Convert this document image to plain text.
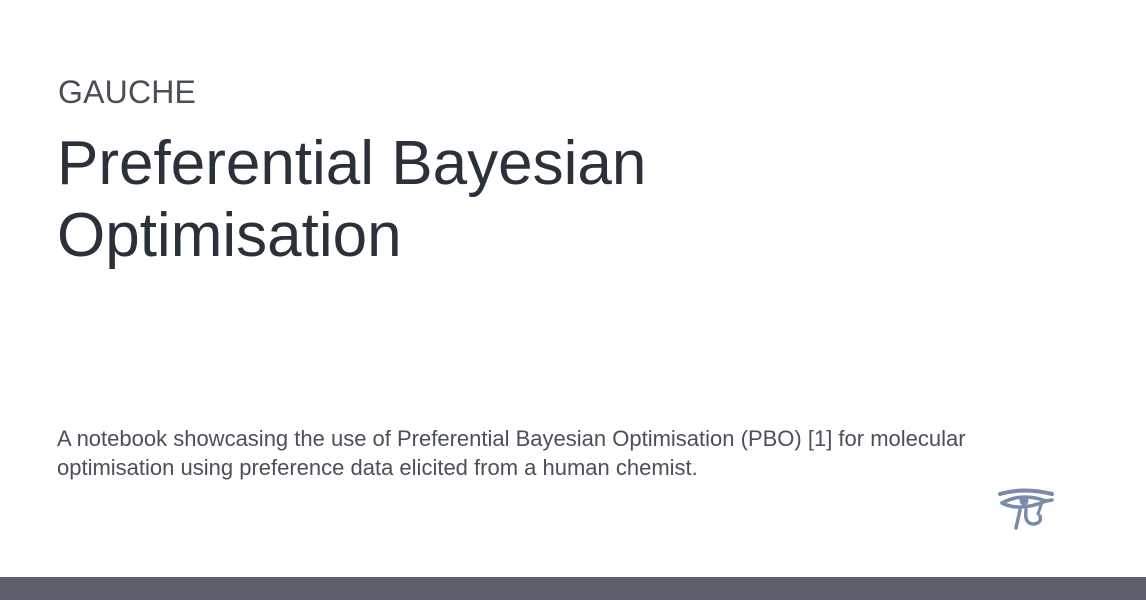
GAUCHE
Preferential Bayesian Optimisation

A notebook showcasing the use of Preferential Bayesian Optimisation (PBO) [1] for molecular optimisation using preference data elicited from a human chemist.
